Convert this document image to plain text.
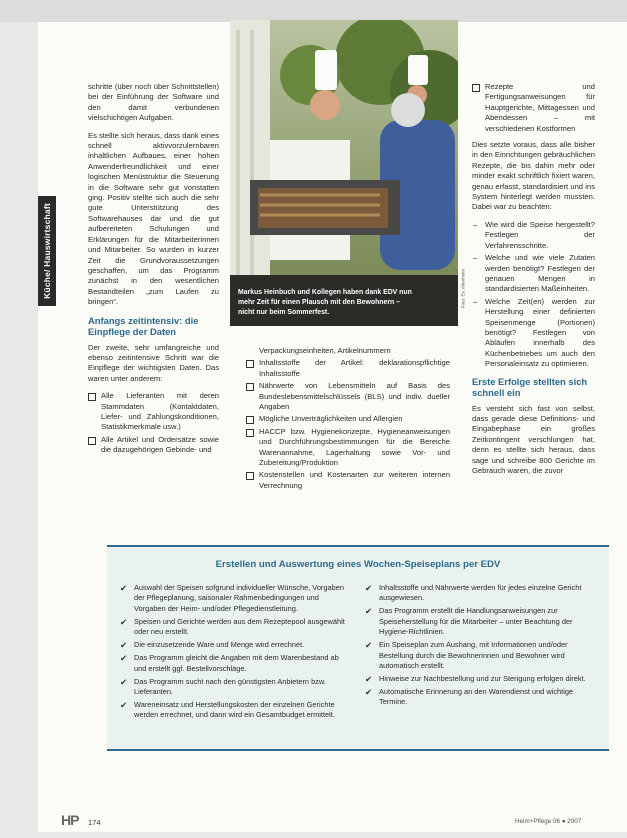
Küche/ Hauswirtschaft	Foto: Ev. Altenheim
Markus Heinbuch und Kollegen haben dank EDV nun mehr Zeit für einen Plausch mit den Bewohnern – nicht nur beim Sommerfest.

schritte (über noch über Schnittstellen) bei der Einführung der Software und den damit verbundenen vielschichtigen Aufgaben.

Es stellte sich heraus, dass dank eines schnell aktivvorzulernbaren inhaltlichen Aufbaues, einer hohen Anwenderfreundlichkeit und einer logischen Menüstruktur die Steuerung in die Software sehr gut vonstatten ging. Positiv stellte sich auch die sehr gute Unterstützung des Softwarehauses dar und die gut aufbereiteten Schulungen und Erklärungen für die Mitarbeiterinnen und Mitarbeiter. So wurden in kurzer Zeit die Grundvoraussetzungen geschaffen, um das Programm zunächst in den wesentlichen Bestandteilen „zum Laufen zu bringen“.

Anfangs zeitintensiv: die Einpflege der Daten

Der zweite, sehr umfangreiche und ebenso zeitintensive Schritt war die Einpflege der wichtigsten Daten. Das waren unter anderem:

Alle Lieferanten mit deren Stammdaten (Kontaktdaten, Liefer- und Zahlungskonditionen, Statistikmerkmale usw.)
Alle Artikel und Ordersätze sowie die dazugehörigen Gebinde- und

Verpackungseinheiten, Artikelnummern

Inhaltsstoffe der Artikel: deklarationspflichtige Inhaltsstoffe
Nährwerte von Lebensmitteln auf Basis des Bundeslebensmittelschlüssels (BLS) und indiv. dueller Angaben
Mögliche Unverträglichkeiten und Allergien
HACCP bzw. Hygienekonzepte, Hygieneanweisungen und Durchführungsbestimmungen für die Bereiche Warenannahme, Lagerhaltung sowie Vor- und Zubereitung/Produktion
Kostenstellen und Kostenarten zur weiteren internen Verrechnung
Rezepte und Fertigungsanweisungen für Hauptgerichte, Mittagessen und Abendessen – mit verschiedenen Kostformen

Dies setzte voraus, dass alle bisher in den Einrichtungen gebräuchlichen Rezepte, die bis dahin mehr oder minder exakt schriftlich fixiert waren, genau erfasst, standardisiert und ins System hinterlegt werden mussten. Dabei war zu beachten:

– Wie wird die Speise hergestellt? Festlegen der Verfahrensschritte.
– Welche und wie viele Zutaten werden benötigt? Festlegen der genauen Mengen in standardisierten Maßeinheiten.
– Welche Zeit(en) werden zur Herstellung einer definierten Speisenmenge (Portionen) benötigt? Festlegen von Abläufen innerhalb des Küchenbetriebes um auch den Personaleinsatz zu optimieren.
Erste Erfolge stellten sich schnell ein

Es versteht sich fast von selbst, dass gerade diese Definitions- und Eingabephase ein großes Zeitkontingent verschlungen hat, denn es stellte sich heraus, dass sage und schreibe 800 Gerichte im Gebrauch waren, die zuvor

Erstellen und Auswertung eines Wochen-Speiseplans per EDV
✔ Auswahl der Speisen sofgrund individueller Wünsche, Vorgaben der Pflegeplanung, saisonaler Rahmenbedingungen und Vorgaben der Heim- und/oder Pflegedienstleitung.
✔ Speisen und Gerichte werden aus dem Rezeptepool ausgewählt oder neu erstellt.
✔ Die einzusetzende Ware und Menge wird errechnet.
✔ Das Programm gleicht die Angaben mit dem Warenbestand ab und erstellt ggf. Bestellvorschläge.
✔ Das Programm sucht nach den günstigsten Anbietern bzw. Lieferanten.
✔ Wareneinsatz und Herstellungskosten der einzelnen Gerichte werden errechnet, und dann wird ein Gesamtbudget ermittelt.
✔ Inhaltsstoffe und Nährwerte werden für jedes einzelne Gericht ausgewiesen.
✔ Das Programm erstellt die Handlungsanweisungen zur Speiseherstellung für die Mitarbeiter – unter Beachtung der Hygiene-Richtlinien.
✔ Ein Speiseplan zum Aushang, mit Informationen und/oder Bestellung durch die Bewohnerinnen und Bewohner wird automatisch erstellt.
✔ Hinweise zur Nachbestellung und zur Sterigung erfolgen direkt.
✔ Automatische Erinnerung an den Warendienst und wichtige Termine.
HP 174	Heim+Pflege 06 ● 2007
